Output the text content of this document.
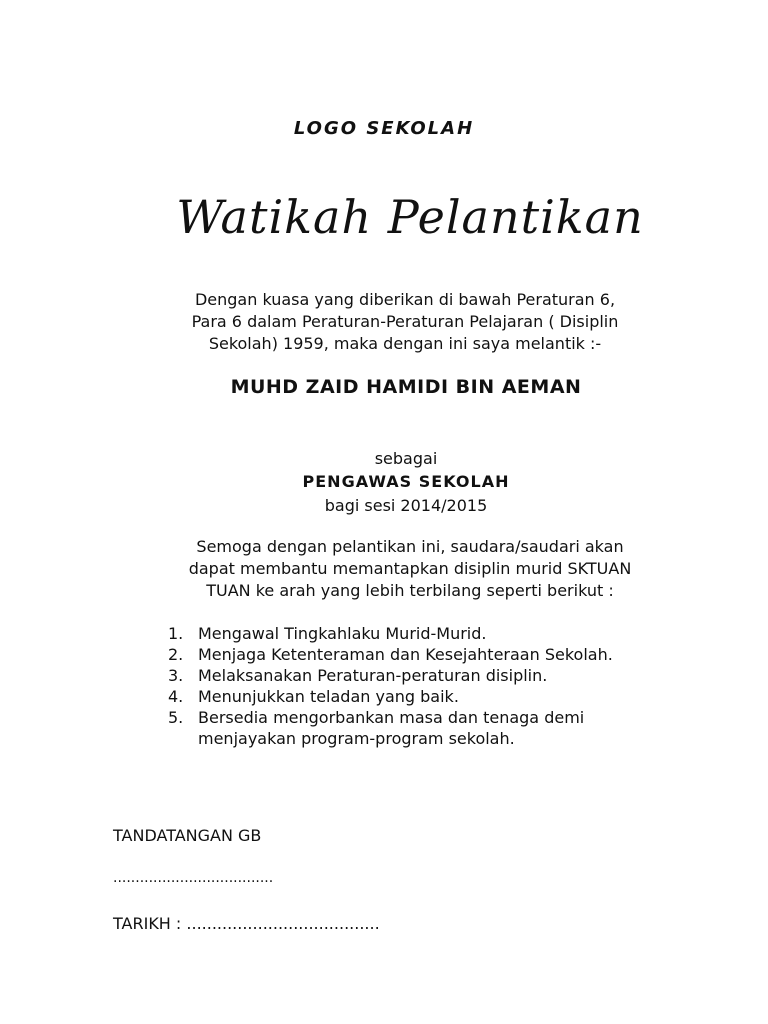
LOGO SEKOLAH
Watikah Pelantikan
Dengan kuasa yang diberikan di bawah Peraturan 6,
Para 6 dalam Peraturan-Peraturan Pelajaran ( Disiplin
Sekolah) 1959, maka dengan ini saya melantik :-
MUHD ZAID HAMIDI BIN AEMAN
sebagai
PENGAWAS SEKOLAH
bagi sesi 2014/2015
Semoga dengan pelantikan ini, saudara/saudari akan
dapat membantu memantapkan disiplin murid SKTUAN
TUAN ke arah yang lebih terbilang seperti berikut :
1. Mengawal Tingkahlaku Murid-Murid.
2. Menjaga Ketenteraman dan Kesejahteraan Sekolah.
3. Melaksanakan Peraturan-peraturan disiplin.
4. Menunjukkan teladan yang baik.
5. Bersedia mengorbankan masa dan tenaga demi
menjayakan program-program sekolah.
TANDATANGAN GB
....................................
TARIKH : ......................................
